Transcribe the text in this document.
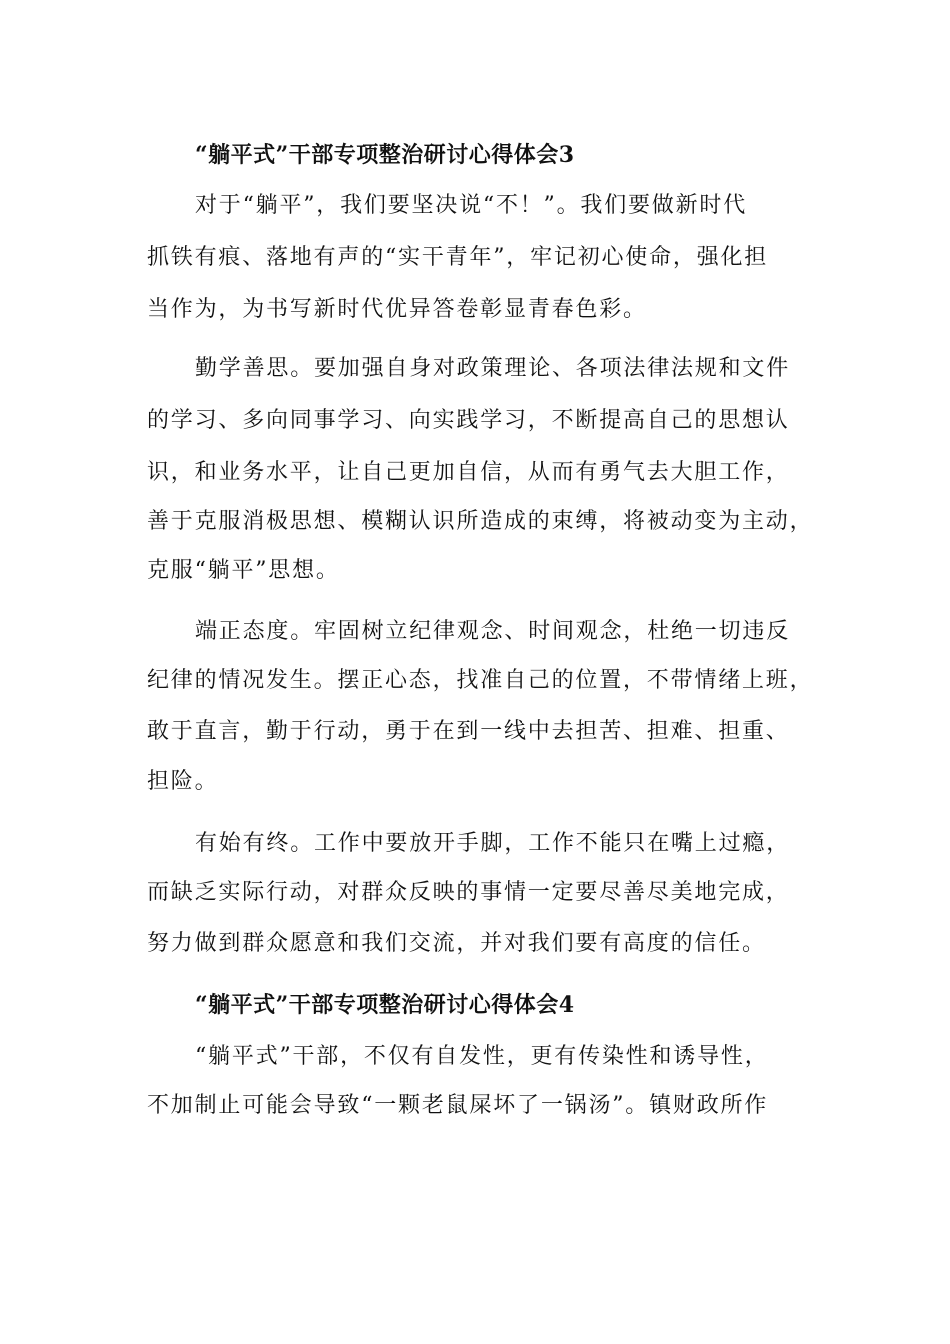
“躺平式”干部专项整治研讨心得体会3
对于“躺平”，我们要坚决说“不！”。我们要做新时代
抓铁有痕、落地有声的“实干青年”，牢记初心使命，强化担
当作为，为书写新时代优异答卷彰显青春色彩。
勤学善思。要加强自身对政策理论、各项法律法规和文件
的学习、多向同事学习、向实践学习，不断提高自己的思想认
识，和业务水平，让自己更加自信，从而有勇气去大胆工作，
善于克服消极思想、模糊认识所造成的束缚，将被动变为主动，
克服“躺平”思想。
端正态度。牢固树立纪律观念、时间观念，杜绝一切违反
纪律的情况发生。摆正心态，找准自己的位置，不带情绪上班，
敢于直言，勤于行动，勇于在到一线中去担苦、担难、担重、
担险。
有始有终。工作中要放开手脚，工作不能只在嘴上过瘾，
而缺乏实际行动，对群众反映的事情一定要尽善尽美地完成，
努力做到群众愿意和我们交流，并对我们要有高度的信任。
“躺平式”干部专项整治研讨心得体会4
“躺平式”干部，不仅有自发性，更有传染性和诱导性，
不加制止可能会导致“一颗老鼠屎坏了一锅汤”。镇财政所作
